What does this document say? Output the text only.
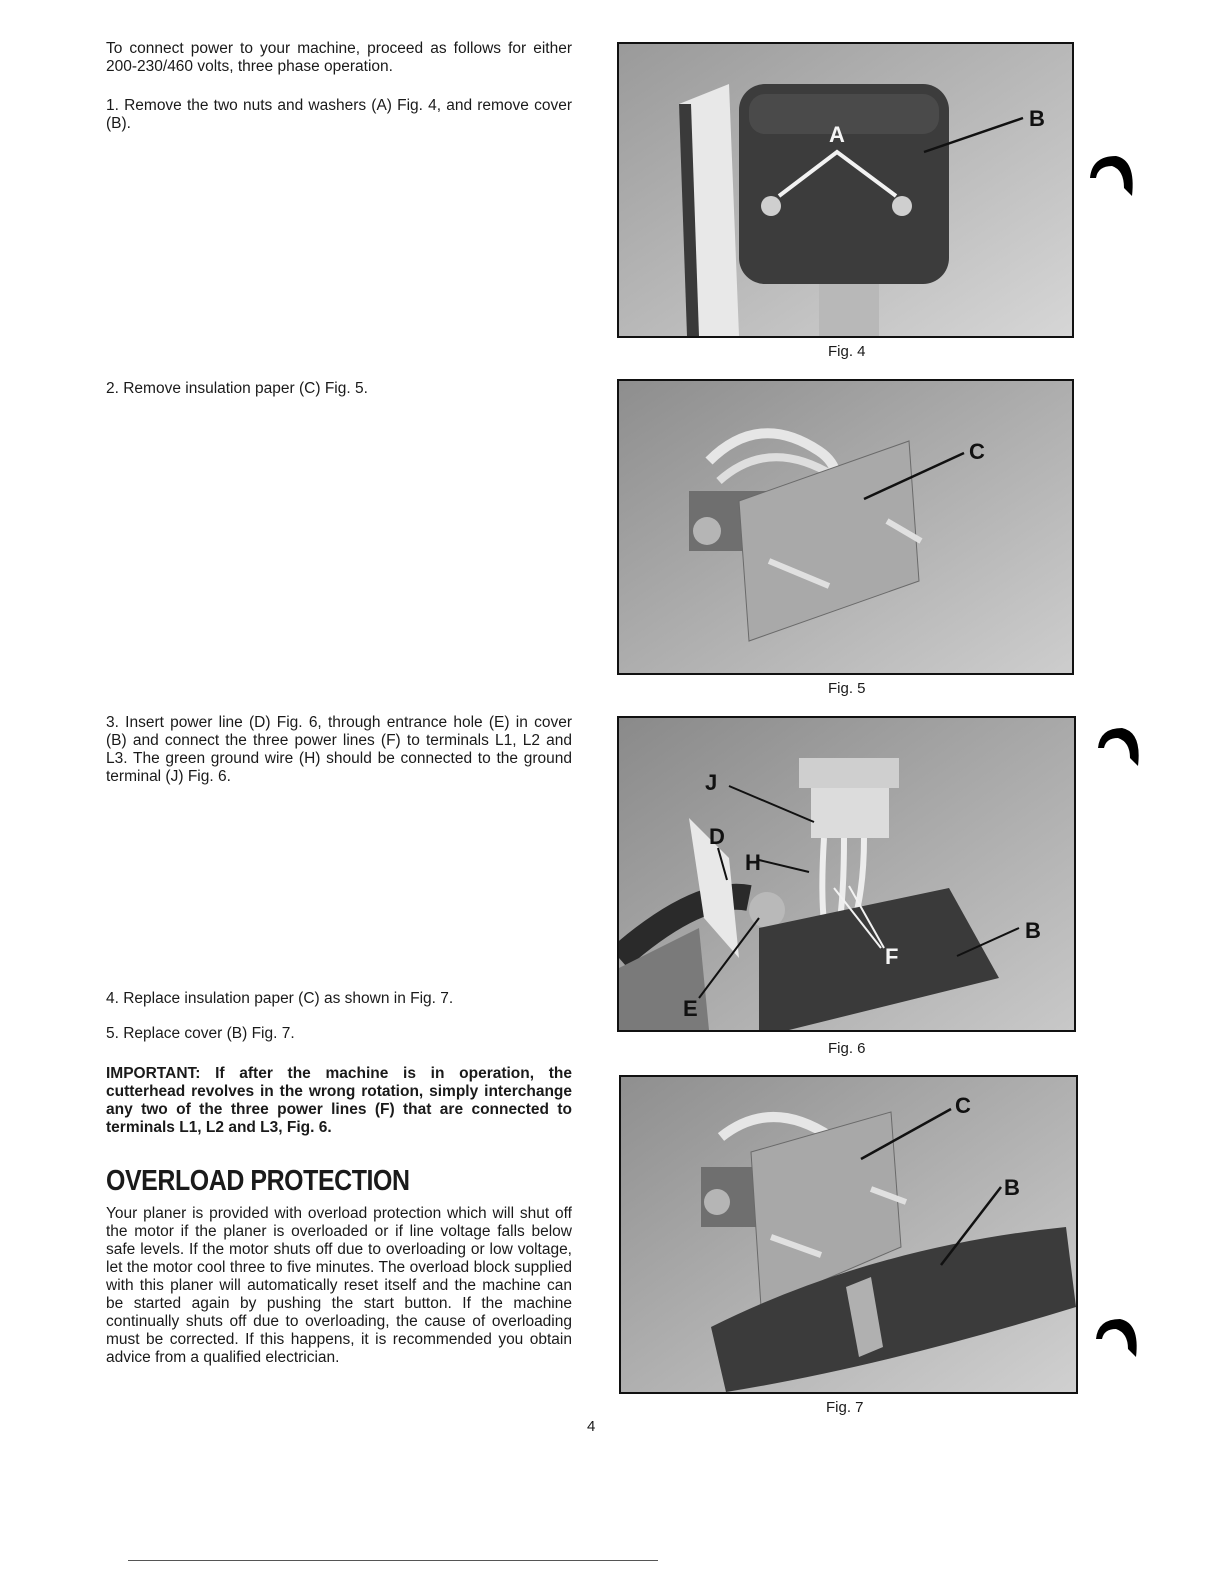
To connect power to your machine, proceed as follows for either 200-230/460 volts, three phase operation.
1. Remove the two nuts and washers (A) Fig. 4, and remove cover (B).
2. Remove insulation paper (C) Fig. 5.
3. Insert power line (D) Fig. 6, through entrance hole (E) in cover (B) and connect the three power lines (F) to terminals L1, L2 and L3. The green ground wire (H) should be connected to the ground terminal (J) Fig. 6.
4. Replace insulation paper (C) as shown in Fig. 7.
5. Replace cover (B) Fig. 7.
IMPORTANT: If after the machine is in operation, the cutterhead revolves in the wrong rotation, simply interchange any two of the three power lines (F) that are connected to terminals L1, L2 and L3, Fig. 6.
OVERLOAD PROTECTION
Your planer is provided with overload protection which will shut off the motor if the planer is overloaded or if line voltage falls below safe levels. If the motor shuts off due to overloading or low voltage, let the motor cool three to five minutes. The overload block supplied with this planer will automatically reset itself and the machine can be started again by pushing the start button. If the machine continually shuts off due to overloading, the cause of overloading must be corrected. If this happens, it is recommended you obtain advice from a qualified electrician.
A
B
Fig. 4
C
Fig. 5
J
D
H
B
F
E
Fig. 6
C
B
Fig. 7
4
